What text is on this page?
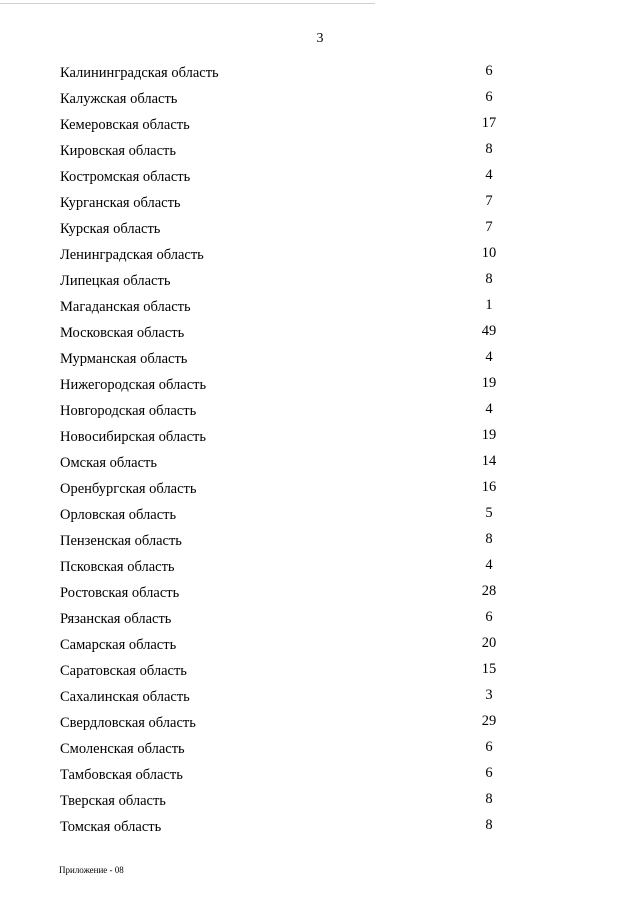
3
Калининградская область	6
Калужская область	6
Кемеровская область	17
Кировская область	8
Костромская область	4
Курганская область	7
Курская область	7
Ленинградская область	10
Липецкая область	8
Магаданская область	1
Московская область	49
Мурманская область	4
Нижегородская область	19
Новгородская область	4
Новосибирская область	19
Омская область	14
Оренбургская область	16
Орловская область	5
Пензенская область	8
Псковская область	4
Ростовская область	28
Рязанская область	6
Самарская область	20
Саратовская область	15
Сахалинская область	3
Свердловская область	29
Смоленская область	6
Тамбовская область	6
Тверская область	8
Томская область	8
Приложение - 08
